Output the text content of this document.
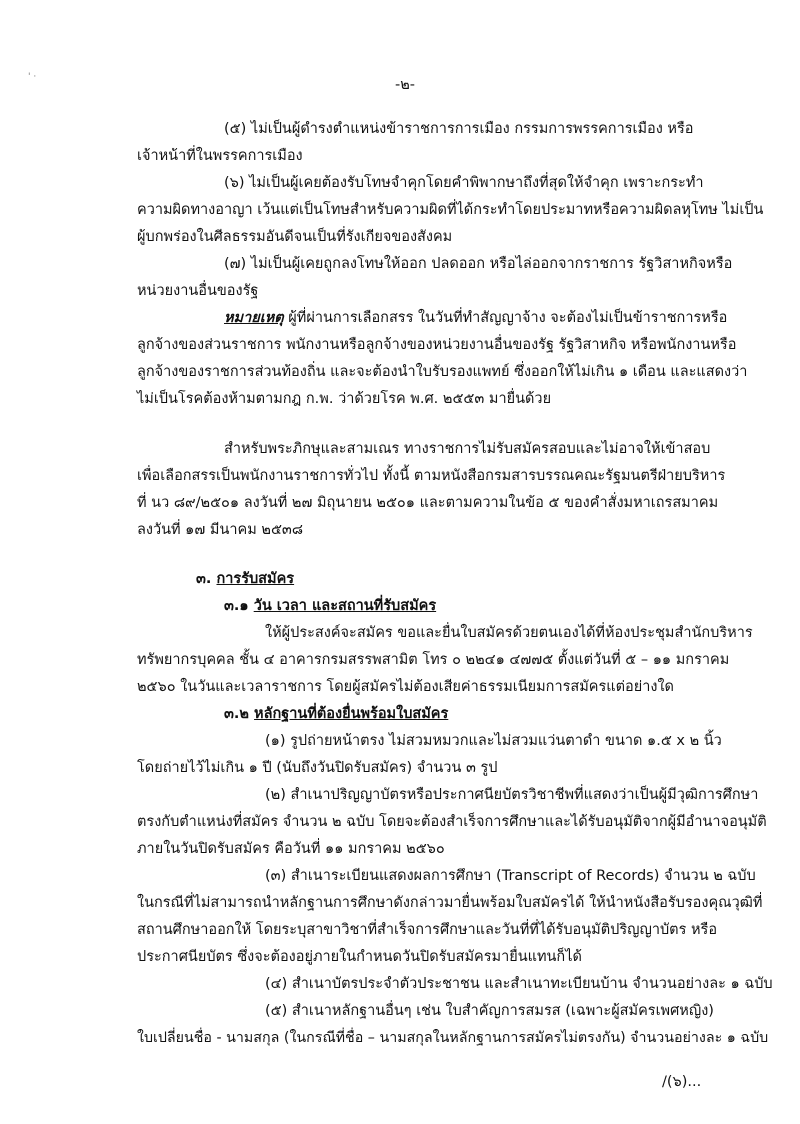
' ·	-๒-
(๕) ไม่เป็นผู้ดำรงตำแหน่งข้าราชการการเมือง กรรมการพรรคการเมือง หรือ
เจ้าหน้าที่ในพรรคการเมือง
(๖) ไม่เป็นผู้เคยต้องรับโทษจำคุกโดยคำพิพากษาถึงที่สุดให้จำคุก เพราะกระทำ
ความผิดทางอาญา เว้นแต่เป็นโทษสำหรับความผิดที่ได้กระทำโดยประมาทหรือความผิดลหุโทษ ไม่เป็น
ผู้บกพร่องในศีลธรรมอันดีจนเป็นที่รังเกียจของสังคม
(๗) ไม่เป็นผู้เคยถูกลงโทษให้ออก ปลดออก หรือไล่ออกจากราชการ รัฐวิสาหกิจหรือ
หน่วยงานอื่นของรัฐ
หมายเหตุ ผู้ที่ผ่านการเลือกสรร ในวันที่ทำสัญญาจ้าง จะต้องไม่เป็นข้าราชการหรือ
ลูกจ้างของส่วนราชการ พนักงานหรือลูกจ้างของหน่วยงานอื่นของรัฐ รัฐวิสาหกิจ หรือพนักงานหรือ
ลูกจ้างของราชการส่วนท้องถิ่น และจะต้องนำใบรับรองแพทย์ ซึ่งออกให้ไม่เกิน ๑ เดือน และแสดงว่า
ไม่เป็นโรคต้องห้ามตามกฎ ก.พ. ว่าด้วยโรค พ.ศ. ๒๕๕๓ มายื่นด้วย
สำหรับพระภิกษุและสามเณร ทางราชการไม่รับสมัครสอบและไม่อาจให้เข้าสอบ
เพื่อเลือกสรรเป็นพนักงานราชการทั่วไป ทั้งนี้ ตามหนังสือกรมสารบรรณคณะรัฐมนตรีฝ่ายบริหาร
ที่ นว ๘๙/๒๕๐๑ ลงวันที่ ๒๗ มิถุนายน ๒๕๐๑ และตามความในข้อ ๕ ของคำสั่งมหาเถรสมาคม
ลงวันที่ ๑๗ มีนาคม ๒๕๓๘
๓. การรับสมัคร
๓.๑ วัน เวลา และสถานที่รับสมัคร
ให้ผู้ประสงค์จะสมัคร ขอและยื่นใบสมัครด้วยตนเองได้ที่ห้องประชุมสำนักบริหาร
ทรัพยากรบุคคล ชั้น ๔ อาคารกรมสรรพสามิต โทร ๐ ๒๒๔๑ ๔๗๗๕ ตั้งแต่วันที่ ๕ – ๑๑ มกราคม
๒๕๖๐ ในวันและเวลาราชการ โดยผู้สมัครไม่ต้องเสียค่าธรรมเนียมการสมัครแต่อย่างใด
๓.๒ หลักฐานที่ต้องยื่นพร้อมใบสมัคร
(๑) รูปถ่ายหน้าตรง ไม่สวมหมวกและไม่สวมแว่นตาดำ ขนาด ๑.๕ x ๒ นิ้ว
โดยถ่ายไว้ไม่เกิน ๑ ปี (นับถึงวันปิดรับสมัคร) จำนวน ๓ รูป
(๒) สำเนาปริญญาบัตรหรือประกาศนียบัตรวิชาชีพที่แสดงว่าเป็นผู้มีวุฒิการศึกษา
ตรงกับตำแหน่งที่สมัคร จำนวน ๒ ฉบับ โดยจะต้องสำเร็จการศึกษาและได้รับอนุมัติจากผู้มีอำนาจอนุมัติ
ภายในวันปิดรับสมัคร คือวันที่ ๑๑ มกราคม ๒๕๖๐
(๓) สำเนาระเบียนแสดงผลการศึกษา (Transcript of Records) จำนวน ๒ ฉบับ
ในกรณีที่ไม่สามารถนำหลักฐานการศึกษาดังกล่าวมายื่นพร้อมใบสมัครได้ ให้นำหนังสือรับรองคุณวุฒิที่
สถานศึกษาออกให้ โดยระบุสาขาวิชาที่สำเร็จการศึกษาและวันที่ที่ได้รับอนุมัติปริญญาบัตร หรือ
ประกาศนียบัตร ซึ่งจะต้องอยู่ภายในกำหนดวันปิดรับสมัครมายื่นแทนก็ได้
(๔) สำเนาบัตรประจำตัวประชาชน และสำเนาทะเบียนบ้าน จำนวนอย่างละ ๑ ฉบับ
(๕) สำเนาหลักฐานอื่นๆ เช่น ใบสำคัญการสมรส (เฉพาะผู้สมัครเพศหญิง)
ใบเปลี่ยนชื่อ - นามสกุล (ในกรณีที่ชื่อ – นามสกุลในหลักฐานการสมัครไม่ตรงกัน) จำนวนอย่างละ ๑ ฉบับ
/(๖)...
